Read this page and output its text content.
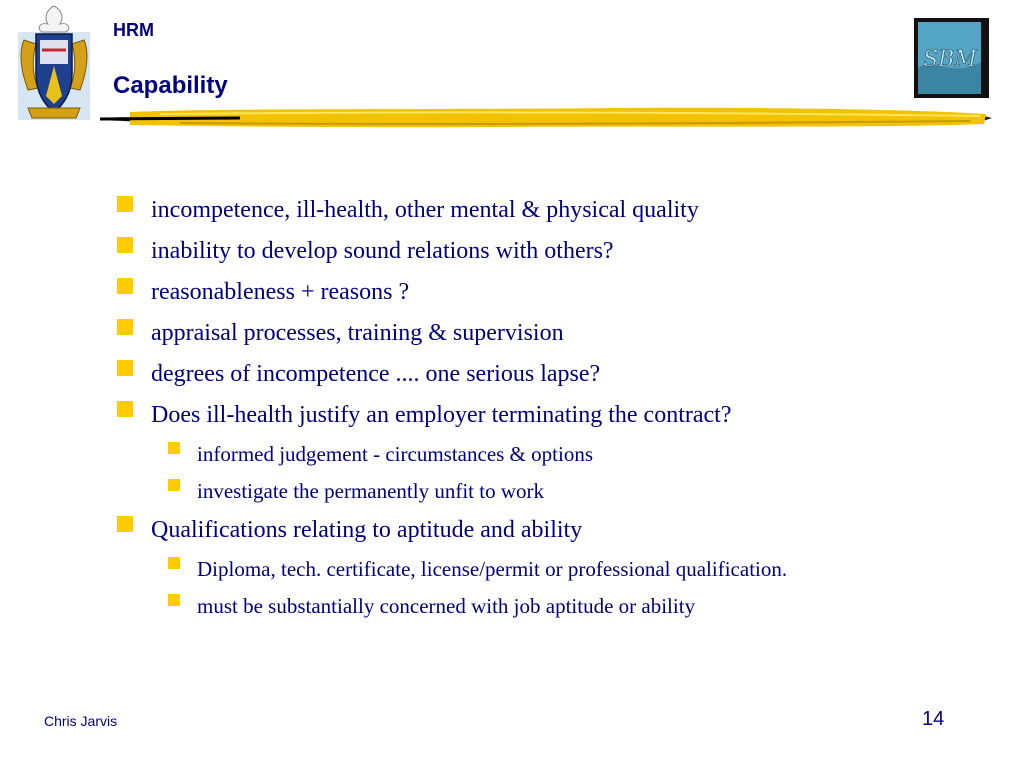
HRM
Capability
SBM
incompetence, ill-health, other mental & physical quality
inability to develop sound relations with others?
reasonableness + reasons ?
appraisal processes, training & supervision
degrees of incompetence .... one serious lapse?
Does ill-health justify an employer terminating the contract?
informed judgement - circumstances & options
investigate the permanently unfit to work
Qualifications relating to aptitude and ability
Diploma, tech. certificate, license/permit or professional qualification.
must be substantially concerned with job aptitude or ability
Chris Jarvis	14
